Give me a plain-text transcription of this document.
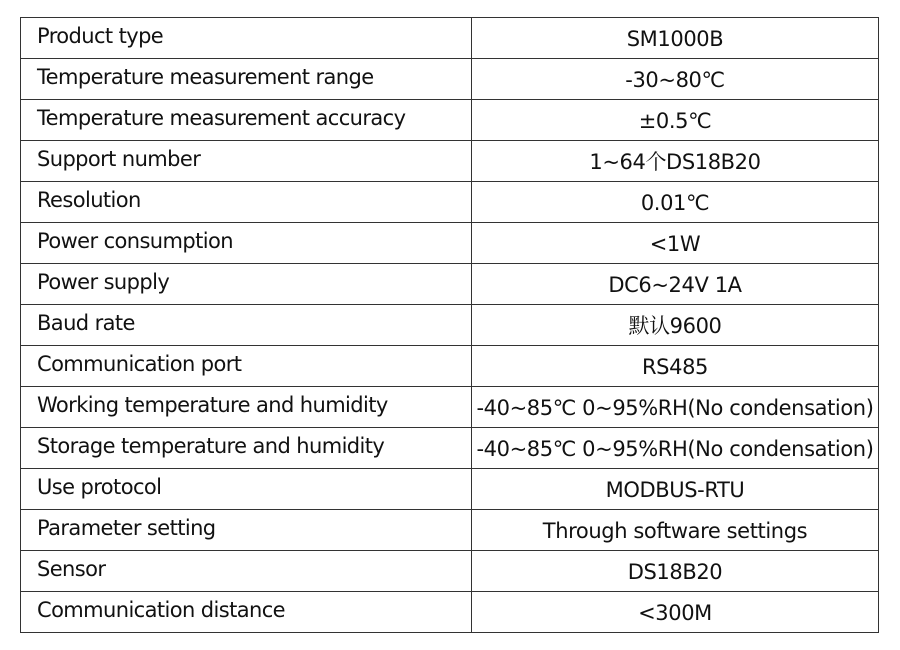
Product type	SM1000B
Temperature measurement range	-30~80℃
Temperature measurement accuracy	±0.5℃
Support number	1~64个DS18B20
Resolution	0.01℃
Power consumption	<1W
Power supply	DC6~24V 1A
Baud rate	默认9600
Communication port	RS485
Working temperature and humidity	-40~85℃ 0~95%RH(No condensation)
Storage temperature and humidity	-40~85℃ 0~95%RH(No condensation)
Use protocol	MODBUS-RTU
Parameter setting	Through software settings
Sensor	DS18B20
Communication distance	<300M
